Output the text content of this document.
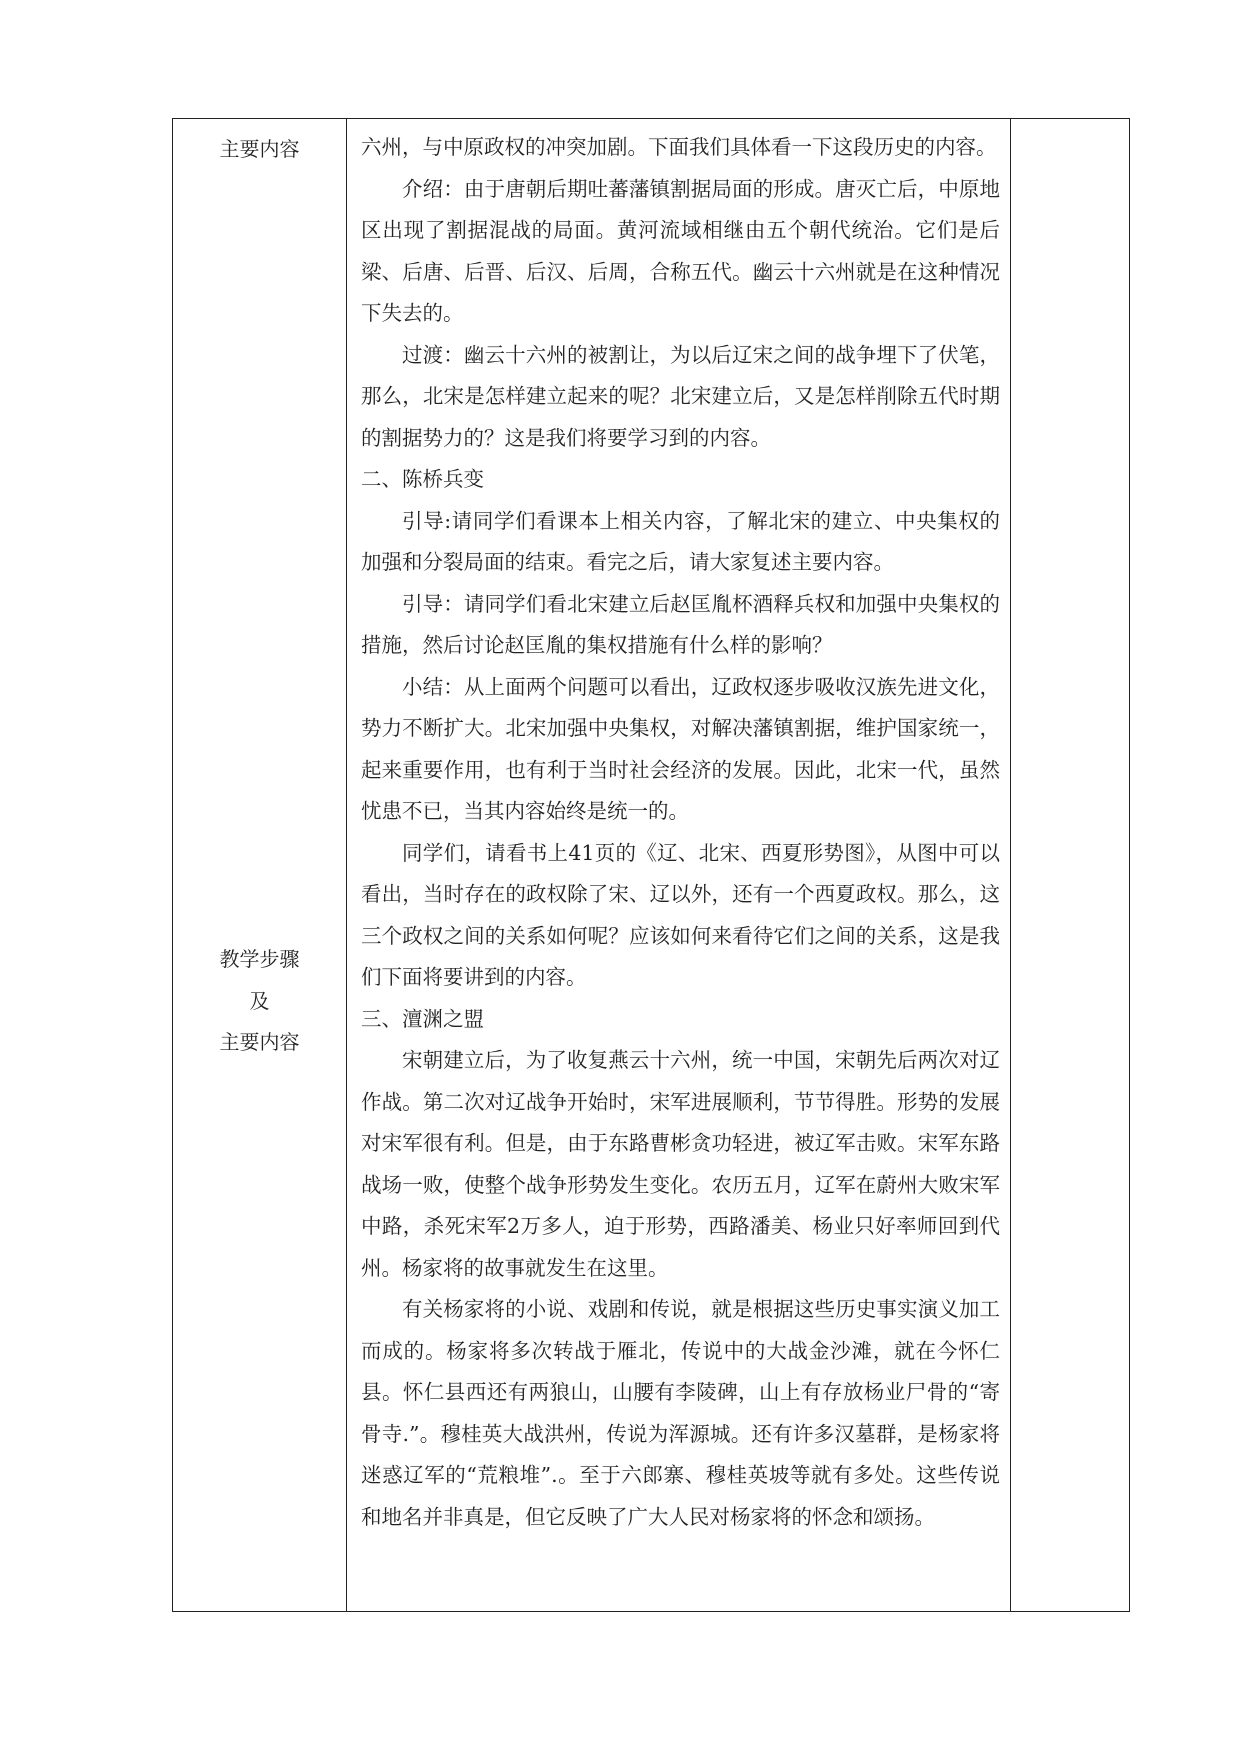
主要内容
教学步骤
及
主要内容

六州，与中原政权的冲突加剧。下面我们具体看一下这段历史的内容。

介绍：由于唐朝后期吐蕃藩镇割据局面的形成。唐灭亡后，中原地区出现了割据混战的局面。黄河流域相继由五个朝代统治。它们是后梁、后唐、后晋、后汉、后周，合称五代。幽云十六州就是在这种情况下失去的。

过渡：幽云十六州的被割让，为以后辽宋之间的战争埋下了伏笔，那么，北宋是怎样建立起来的呢？北宋建立后，又是怎样削除五代时期的割据势力的？这是我们将要学习到的内容。

二、陈桥兵变

引导:请同学们看课本上相关内容，了解北宋的建立、中央集权的加强和分裂局面的结束。看完之后，请大家复述主要内容。

引导：请同学们看北宋建立后赵匡胤杯酒释兵权和加强中央集权的措施，然后讨论赵匡胤的集权措施有什么样的影响？

小结：从上面两个问题可以看出，辽政权逐步吸收汉族先进文化，势力不断扩大。北宋加强中央集权，对解决藩镇割据，维护国家统一，起来重要作用，也有利于当时社会经济的发展。因此，北宋一代，虽然忧患不已，当其内容始终是统一的。

同学们，请看书上41页的《辽、北宋、西夏形势图》，从图中可以看出，当时存在的政权除了宋、辽以外，还有一个西夏政权。那么，这三个政权之间的关系如何呢？应该如何来看待它们之间的关系，这是我们下面将要讲到的内容。

三、澶渊之盟

宋朝建立后，为了收复燕云十六州，统一中国，宋朝先后两次对辽作战。第二次对辽战争开始时，宋军进展顺利，节节得胜。形势的发展对宋军很有利。但是，由于东路曹彬贪功轻进，被辽军击败。宋军东路战场一败，使整个战争形势发生变化。农历五月，辽军在蔚州大败宋军中路，杀死宋军2万多人，迫于形势，西路潘美、杨业只好率师回到代州。杨家将的故事就发生在这里。

有关杨家将的小说、戏剧和传说，就是根据这些历史事实演义加工而成的。杨家将多次转战于雁北，传说中的大战金沙滩，就在今怀仁县。怀仁县西还有两狼山，山腰有李陵碑，山上有存放杨业尸骨的“寄骨寺.”。穆桂英大战洪州，传说为浑源城。还有许多汉墓群，是杨家将迷惑辽军的“荒粮堆”.。至于六郎寨、穆桂英坡等就有多处。这些传说和地名并非真是，但它反映了广大人民对杨家将的怀念和颂扬。
